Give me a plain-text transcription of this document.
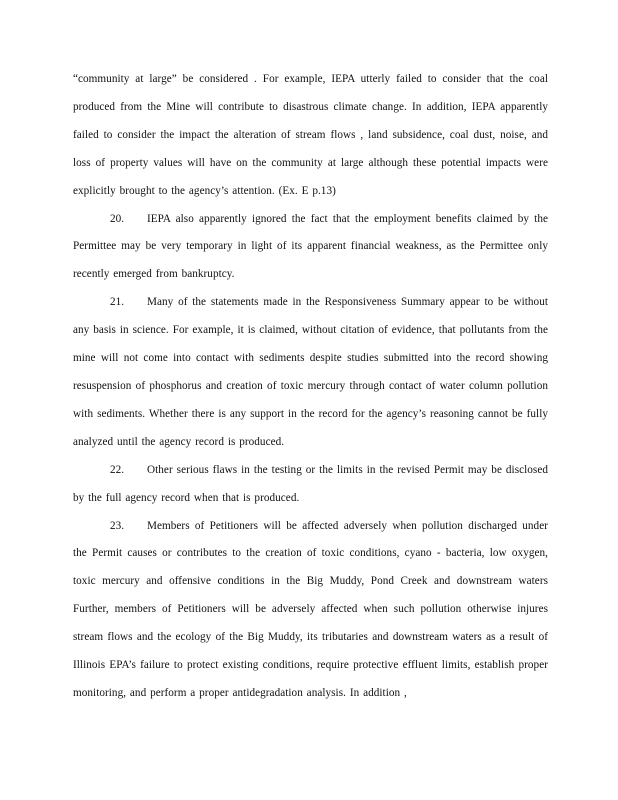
“community at large” be considered . For example, IEPA utterly failed to consider that the coal produced from the Mine will contribute to disastrous climate change. In addition, IEPA apparently failed to consider the impact the alteration of stream flows , land subsidence, coal dust, noise, and loss of property values will have on the community at large although these potential impacts were explicitly brought to the agency’s attention. (Ex. E p.13)

20. IEPA also apparently ignored the fact that the employment benefits claimed by the Permittee may be very temporary in light of its apparent financial weakness, as the Permittee only recently emerged from bankruptcy.

21. Many of the statements made in the Responsiveness Summary appear to be without any basis in science. For example, it is claimed, without citation of evidence, that pollutants from the mine will not come into contact with sediments despite studies submitted into the record showing resuspension of phosphorus and creation of toxic mercury through contact of water column pollution with sediments. Whether there is any support in the record for the agency’s reasoning cannot be fully analyzed until the agency record is produced.

22. Other serious flaws in the testing or the limits in the revised Permit may be disclosed by the full agency record when that is produced.

23. Members of Petitioners will be affected adversely when pollution discharged under the Permit causes or contributes to the creation of toxic conditions, cyano - bacteria, low oxygen, toxic mercury and offensive conditions in the Big Muddy, Pond Creek and downstream waters Further, members of Petitioners will be adversely affected when such pollution otherwise injures stream flows and the ecology of the Big Muddy, its tributaries and downstream waters as a result of Illinois EPA’s failure to protect existing conditions, require protective effluent limits, establish proper monitoring, and perform a proper antidegradation analysis. In addition ,
